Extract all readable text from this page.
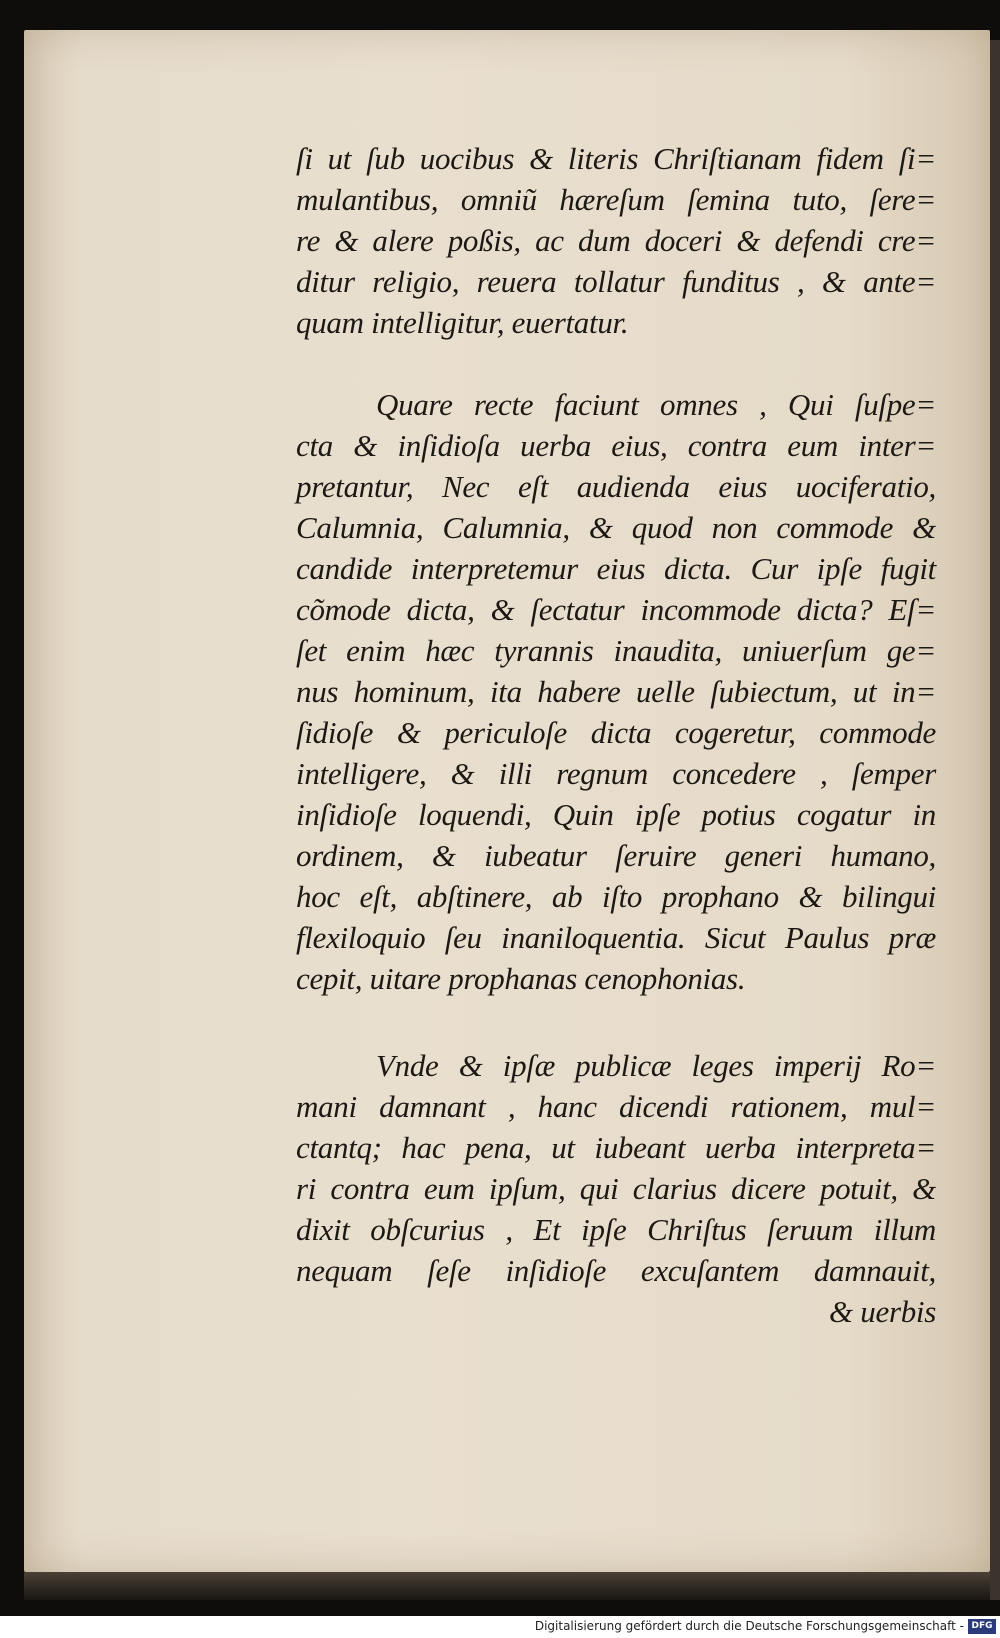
ſi ut ſub uocibus & literis Chriſtianam fidem ſi=
mulantibus, omniũ hæreſum ſemina tuto, ſere=
re & alere poßis, ac dum doceri & defendi cre=
ditur religio, reuera tollatur funditus , & ante=
quam intelligitur, euertatur.
Quare recte faciunt omnes , Qui ſuſpe=
cta & inſidioſa uerba eius, contra eum inter=
pretantur, Nec eſt audienda eius uociferatio,
Calumnia, Calumnia, & quod non commode &
candide interpretemur eius dicta. Cur ipſe fugit
cõmode dicta, & ſectatur incommode dicta? Eſ=
ſet enim hæc tyrannis inaudita, uniuerſum ge=
nus hominum, ita habere uelle ſubiectum, ut in=
ſidioſe & periculoſe dicta cogeretur, commode
intelligere, & illi regnum concedere , ſemper
inſidioſe loquendi, Quin ipſe potius cogatur in
ordinem, & iubeatur ſeruire generi humano,
hoc eſt, abſtinere, ab iſto prophano & bilingui
flexiloquio ſeu inaniloquentia. Sicut Paulus præ
cepit, uitare prophanas cenophonias.
Vnde & ipſæ publicæ leges imperij Ro=
mani damnant , hanc dicendi rationem, mul=
ctantq; hac pena, ut iubeant uerba interpreta=
ri contra eum ipſum, qui clarius dicere potuit, &
dixit obſcurius , Et ipſe Chriſtus ſeruum illum
nequam ſeſe inſidioſe excuſantem damnauit,
& uerbis
Digitalisierung gefördert durch die Deutsche Forschungsgemeinschaft - DFG
